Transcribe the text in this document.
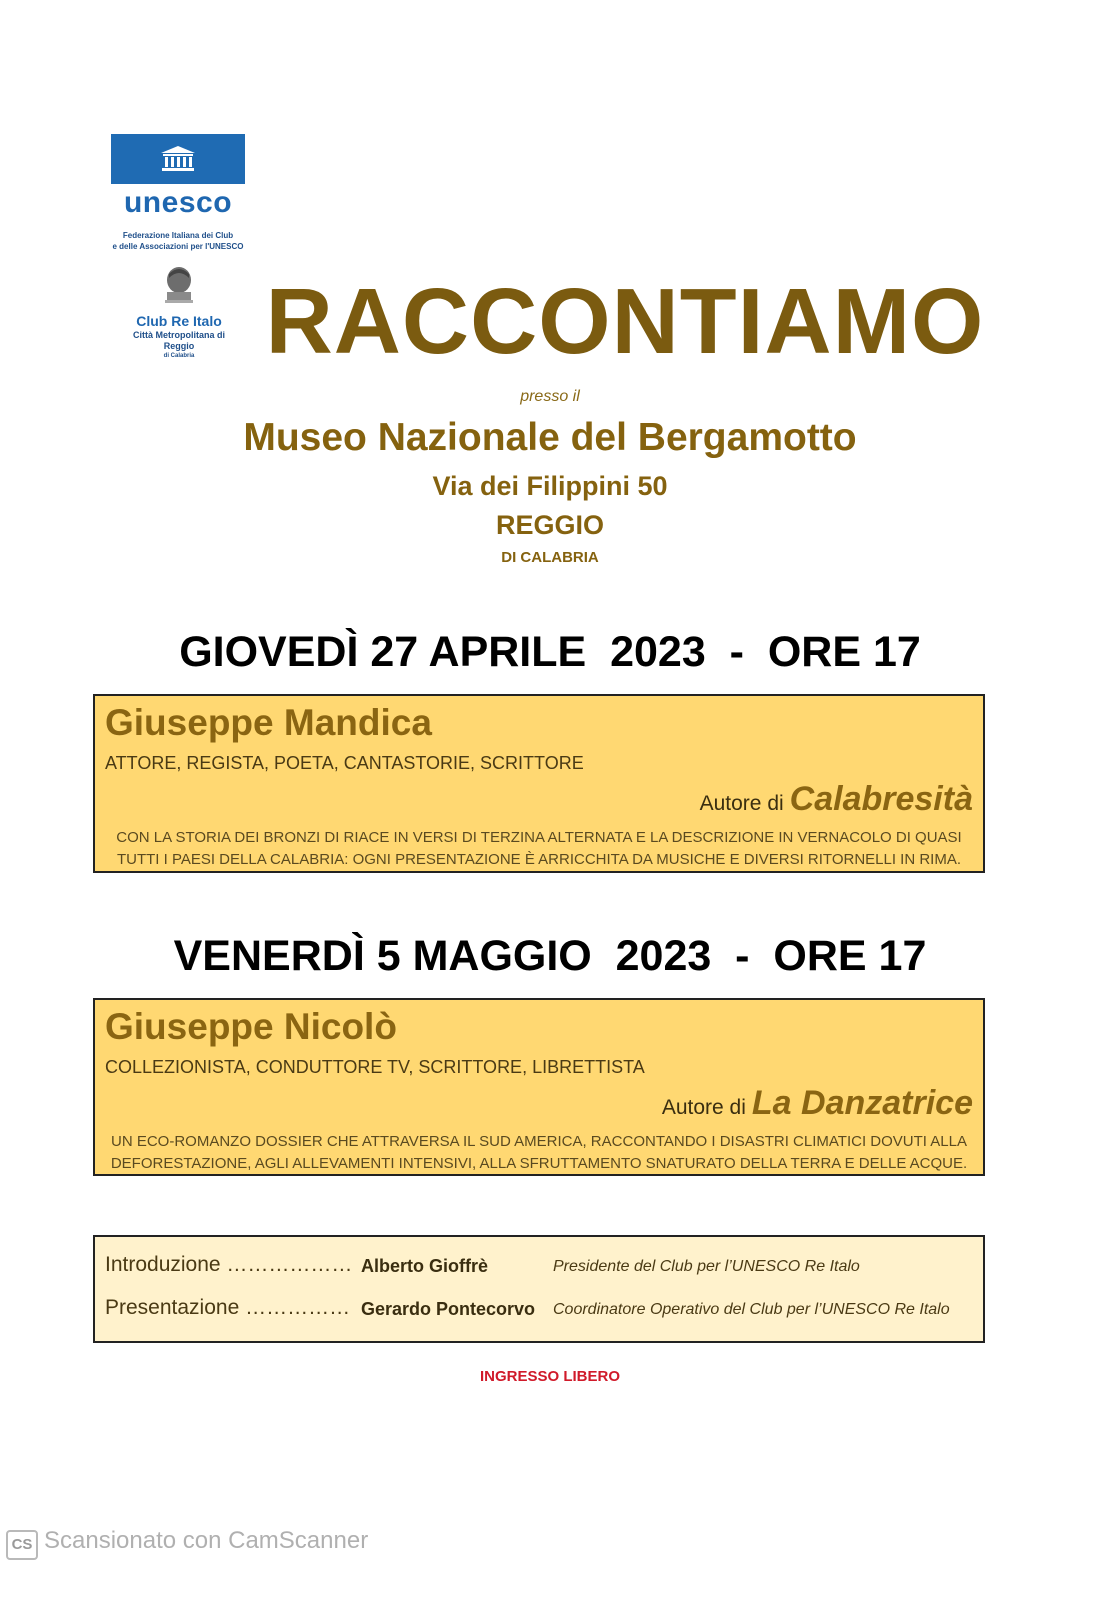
unesco
Federazione Italiana dei Club
e delle Associazioni per l'UNESCO
Club Re Italo
Città Metropolitana di
Reggio
di Calabria RACCONTIAMO
presso il
Museo Nazionale del Bergamotto
Via dei Filippini 50
REGGIO
DI CALABRIA
GIOVEDÌ 27 APRILE  2023  -  ORE 17
Giuseppe Mandica
ATTORE, REGISTA, POETA, CANTASTORIE, SCRITTORE
Autore di Calabresità
CON LA STORIA DEI BRONZI DI RIACE IN VERSI DI TERZINA ALTERNATA E LA DESCRIZIONE IN VERNACOLO DI QUASI
TUTTI I PAESI DELLA CALABRIA: OGNI PRESENTAZIONE È ARRICCHITA DA MUSICHE E DIVERSI RITORNELLI IN RIMA.
VENERDÌ 5 MAGGIO  2023  -  ORE 17
Giuseppe Nicolò
COLLEZIONISTA, CONDUTTORE TV, SCRITTORE, LIBRETTISTA
Autore di La Danzatrice
UN ECO-ROMANZO DOSSIER CHE ATTRAVERSA IL SUD AMERICA, RACCONTANDO I DISASTRI CLIMATICI DOVUTI ALLA
DEFORESTAZIONE, AGLI ALLEVAMENTI INTENSIVI, ALLA SFRUTTAMENTO SNATURATO DELLA TERRA E DELLE ACQUE.
Introduzione ……………… Alberto Gioffrè	Presidente del Club per l’UNESCO Re Italo
Presentazione …………… Gerardo Pontecorvo Coordinatore Operativo del Club per l’UNESCO Re Italo
INGRESSO LIBERO
CS Scansionato con CamScanner
